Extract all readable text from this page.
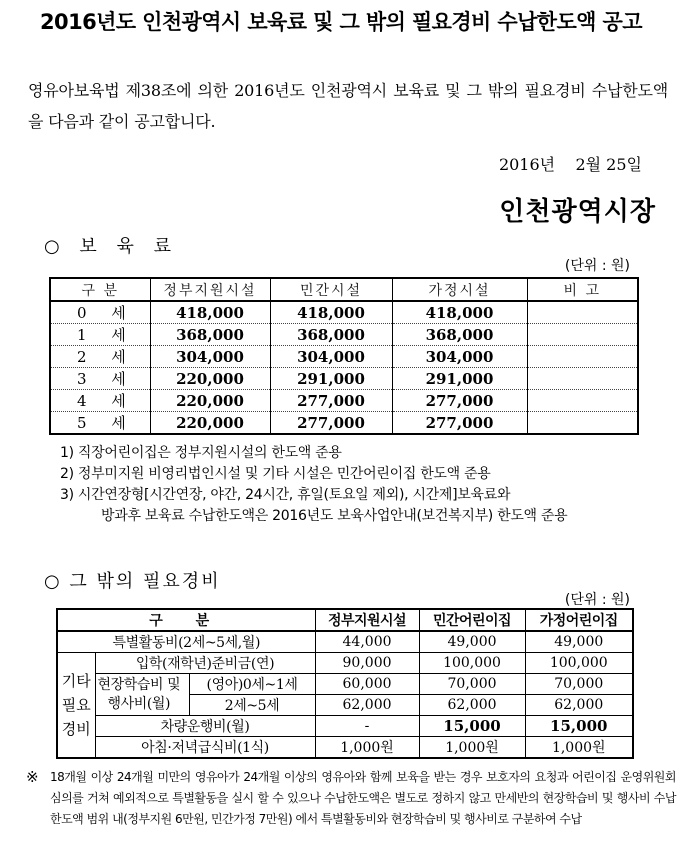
2016년도 인천광역시 보육료 및 그 밖의 필요경비 수납한도액 공고
영유아보육법 제38조에 의한 2016년도 인천광역시 보육료 및 그 밖의 필요경비 수납한도액을 다음과 같이 공고합니다.
2016년    2월 25일
인천광역시장
○ 보 육 료
(단위 : 원)
구 분	정부지원시설	민간시설	가정시설	비 고
0 세	418,000	418,000	418,000	
1 세	368,000	368,000	368,000	
2 세	304,000	304,000	304,000	
3 세	220,000	291,000	291,000	
4 세	220,000	277,000	277,000	
5 세	220,000	277,000	277,000	
1) 직장어린이집은 정부지원시설의 한도액 준용
2) 정부미지원 비영리법인시설 및 기타 시설은 민간어린이집 한도액 준용
3) 시간연장형[시간연장, 야간, 24시간, 휴일(토요일 제외), 시간제]보육료와
방과후 보육료 수납한도액은 2016년도 보육사업안내(보건복지부) 한도액 준용
○ 그 밖의 필요경비
(단위 : 원)
구 분			정부지원시설	민간어린이집	가정어린이집
특별활동비(2세~5세,월)			44,000	49,000	49,000
기타
필요
경비	입학(재학년)준비금(연)		90,000	100,000	100,000
	현장학습비 및
행사비(월)	(영아)0세~1세	60,000	70,000	70,000
		2세~5세	62,000	62,000	62,000
	차량운행비(월)		-	15,000	15,000
	아침·저녁급식비(1식)		1,000원	1,000원	1,000원
※ 18개월 이상 24개월 미만의 영유아가 24개월 이상의 영유아와 함께 보육을 받는 경우 보호자의 요청과 어린이집 운영위원회 심의를 거쳐 예외적으로 특별활동을 실시 할 수 있으나 수납한도액은 별도로 정하지 않고 만세반의 현장학습비 및 행사비 수납 한도액 범위 내(정부지원 6만원, 민간가정 7만원) 에서 특별활동비와 현장학습비 및 행사비로 구분하여 수납
